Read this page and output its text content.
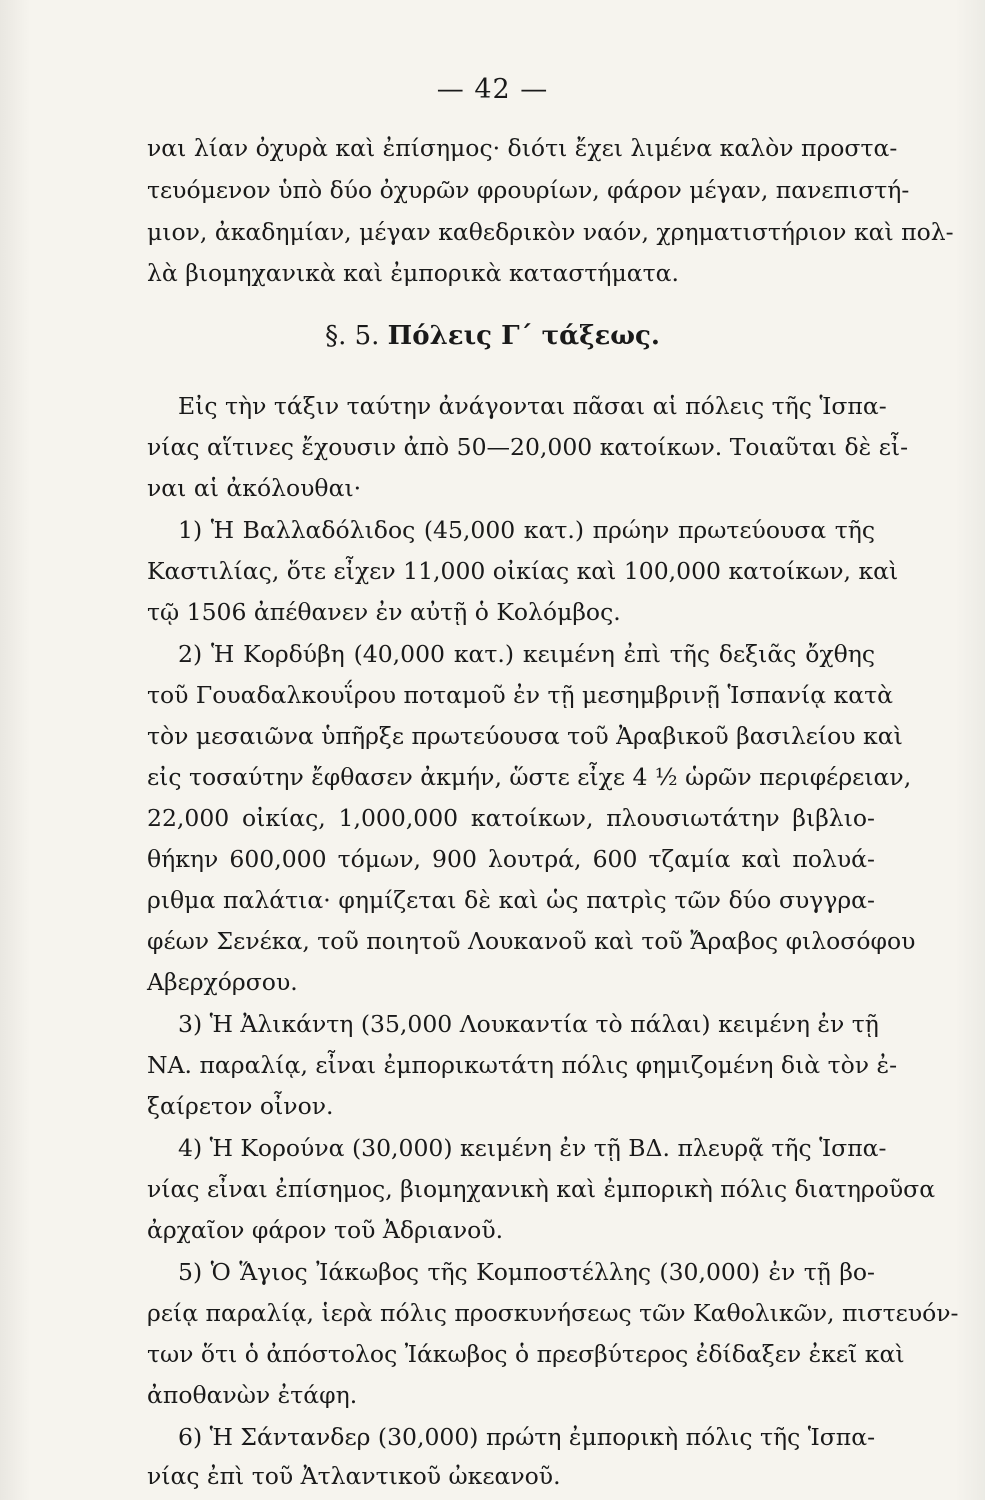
— 42 —
ναι λίαν ὀχυρὰ καὶ ἐπίσημος· διότι ἔχει λιμένα καλὸν προστα-
τευόμενον ὑπὸ δύο ὀχυρῶν φρουρίων, φάρον μέγαν, πανεπιστή-
μιον, ἀκαδημίαν, μέγαν καθεδρικὸν ναόν, χρηματιστήριον καὶ πολ-
λὰ βιομηχανικὰ καὶ ἐμπορικὰ καταστήματα.
§. 5. Πόλεις Γ΄ τάξεως.
Εἰς τὴν τάξιν ταύτην ἀνάγονται πᾶσαι αἱ πόλεις τῆς Ἱσπα-
νίας αἵτινες ἔχουσιν ἀπὸ 50—20,000 κατοίκων. Τοιαῦται δὲ εἶ-
ναι αἱ ἀκόλουθαι·
1) Ἡ Βαλλαδόλιδος (45,000 κατ.) πρώην πρωτεύουσα τῆς
Καστιλίας, ὅτε εἶχεν 11,000 οἰκίας καὶ 100,000 κατοίκων, καὶ
τῷ 1506 ἀπέθανεν ἐν αὐτῇ ὁ Κολόμβος.
2) Ἡ Κορδύβη (40,000 κατ.) κειμένη ἐπὶ τῆς δεξιᾶς ὄχθης
τοῦ Γουαδαλκουΐρου ποταμοῦ ἐν τῇ μεσημβρινῇ Ἱσπανίᾳ κατὰ
τὸν μεσαιῶνα ὑπῆρξε πρωτεύουσα τοῦ Ἀραβικοῦ βασιλείου καὶ
εἰς τοσαύτην ἔφθασεν ἀκμήν, ὥστε εἶχε 4 ½ ὡρῶν περιφέρειαν,
22,000 οἰκίας, 1,000,000 κατοίκων, πλουσιωτάτην βιβλιο-
θήκην 600,000 τόμων, 900 λουτρά, 600 τζαμία καὶ πολυά-
ριθμα παλάτια· φημίζεται δὲ καὶ ὡς πατρὶς τῶν δύο συγγρα-
φέων Σενέκα, τοῦ ποιητοῦ Λουκανοῦ καὶ τοῦ Ἄραβος φιλοσόφου
Αβερχόρσου.
3) Ἡ Ἀλικάντη (35,000 Λουκαντία τὸ πάλαι) κειμένη ἐν τῇ
ΝΑ. παραλίᾳ, εἶναι ἐμπορικωτάτη πόλις φημιζομένη διὰ τὸν ἐ-
ξαίρετον οἶνον.
4) Ἡ Κορούνα (30,000) κειμένη ἐν τῇ ΒΔ. πλευρᾷ τῆς Ἱσπα-
νίας εἶναι ἐπίσημος, βιομηχανικὴ καὶ ἐμπορικὴ πόλις διατηροῦσα
ἀρχαῖον φάρον τοῦ Ἀδριανοῦ.
5) Ὁ Ἅγιος Ἰάκωβος τῆς Κομποστέλλης (30,000) ἐν τῇ βο-
ρείᾳ παραλίᾳ, ἱερὰ πόλις προσκυνήσεως τῶν Καθολικῶν, πιστευόν-
των ὅτι ὁ ἀπόστολος Ἰάκωβος ὁ πρεσβύτερος ἐδίδαξεν ἐκεῖ καὶ
ἀποθανὼν ἐτάφη.
6) Ἡ Σάντανδερ (30,000) πρώτη ἐμπορικὴ πόλις τῆς Ἱσπα-
νίας ἐπὶ τοῦ Ἀτλαντικοῦ ὠκεανοῦ.
